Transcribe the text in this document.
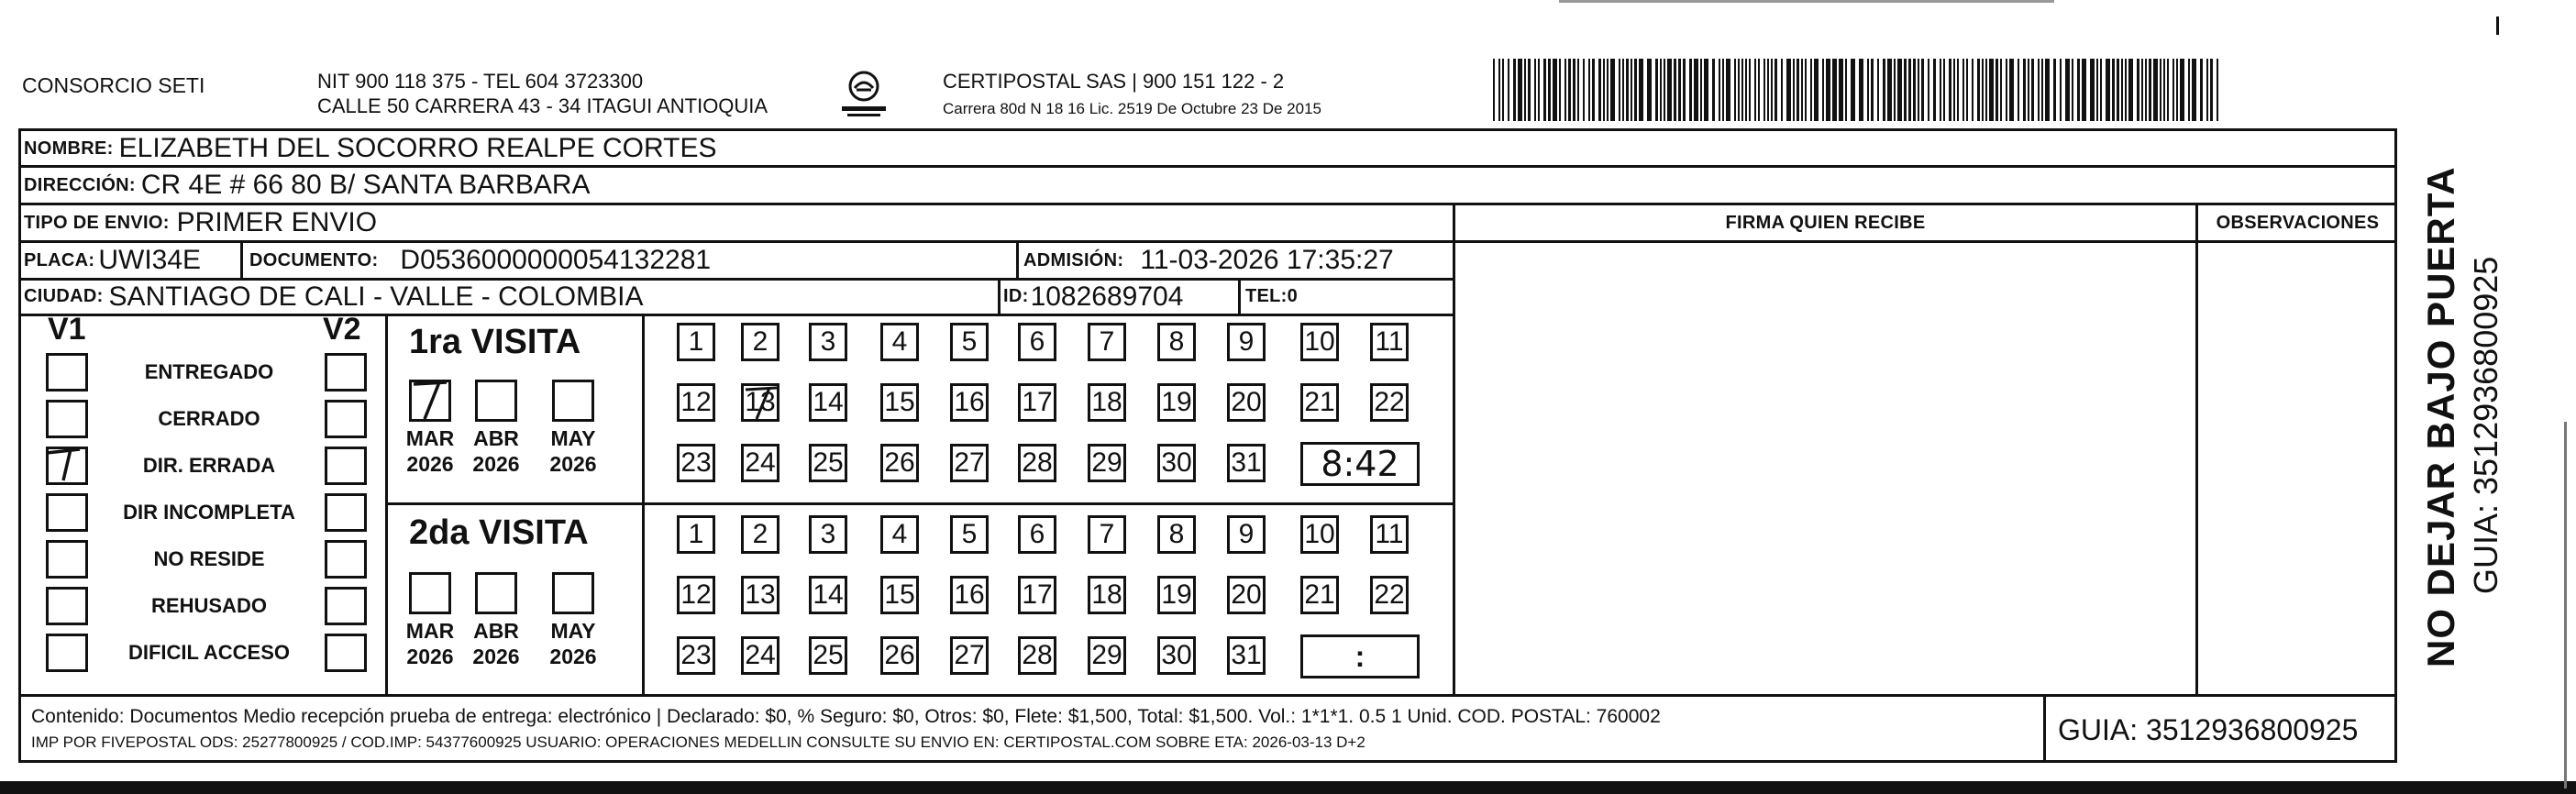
CONSORCIO SETI	NIT 900 118 375 - TEL 604 3723300
CALLE 50 CARRERA 43 - 34 ITAGUI ANTIOQUIA
CERTIPOSTAL SAS | 900 151 122 - 2
Carrera 80d N 18 16 Lic. 2519 De Octubre 23 De 2015
NOMBRE: ELIZABETH DEL SOCORRO REALPE CORTES
DIRECCIÓN: CR 4E # 66 80 B/ SANTA BARBARA
TIPO DE ENVIO: PRIMER ENVIO	FIRMA QUIEN RECIBE	OBSERVACIONES
PLACA: UWI34E	DOCUMENTO: D0536000000054132281	ADMISIÓN: 11-03-2026 17:35:27
CIUDAD: SANTIAGO DE CALI - VALLE - COLOMBIA	ID: 1082689704	TEL: 0
V1	V2
ENTREGADO
CERRADO
DIR. ERRADA
DIR INCOMPLETA
NO RESIDE
REHUSADO
DIFICIL ACCESO
1ra VISITA
2da VISITA
MAR
2026
ABR
2026
MAY
2026
1 2 3 4 5 6 7 8 9 10 11
12 13 14 15 16 17 18 19 20 21 22
23 24 25 26 27 28 29 30 31	8:42
MAR
2026
ABR
2026
MAY
2026
1 2 3 4 5 6 7 8 9 10 11
12 13 14 15 16 17 18 19 20 21 22
23 24 25 26 27 28 29 30 31	:
Contenido: Documentos Medio recepción prueba de entrega: electrónico | Declarado: $0, % Seguro: $0, Otros: $0, Flete: $1,500, Total: $1,500. Vol.: 1*1*1. 0.5 1 Unid. COD. POSTAL: 760002
IMP POR FIVEPOSTAL ODS: 25277800925 / COD.IMP: 54377600925 USUARIO: OPERACIONES MEDELLIN CONSULTE SU ENVIO EN: CERTIPOSTAL.COM SOBRE ETA: 2026-03-13 D+2	GUIA: 3512936800925
NO DEJAR BAJO PUERTA GUIA: 3512936800925
